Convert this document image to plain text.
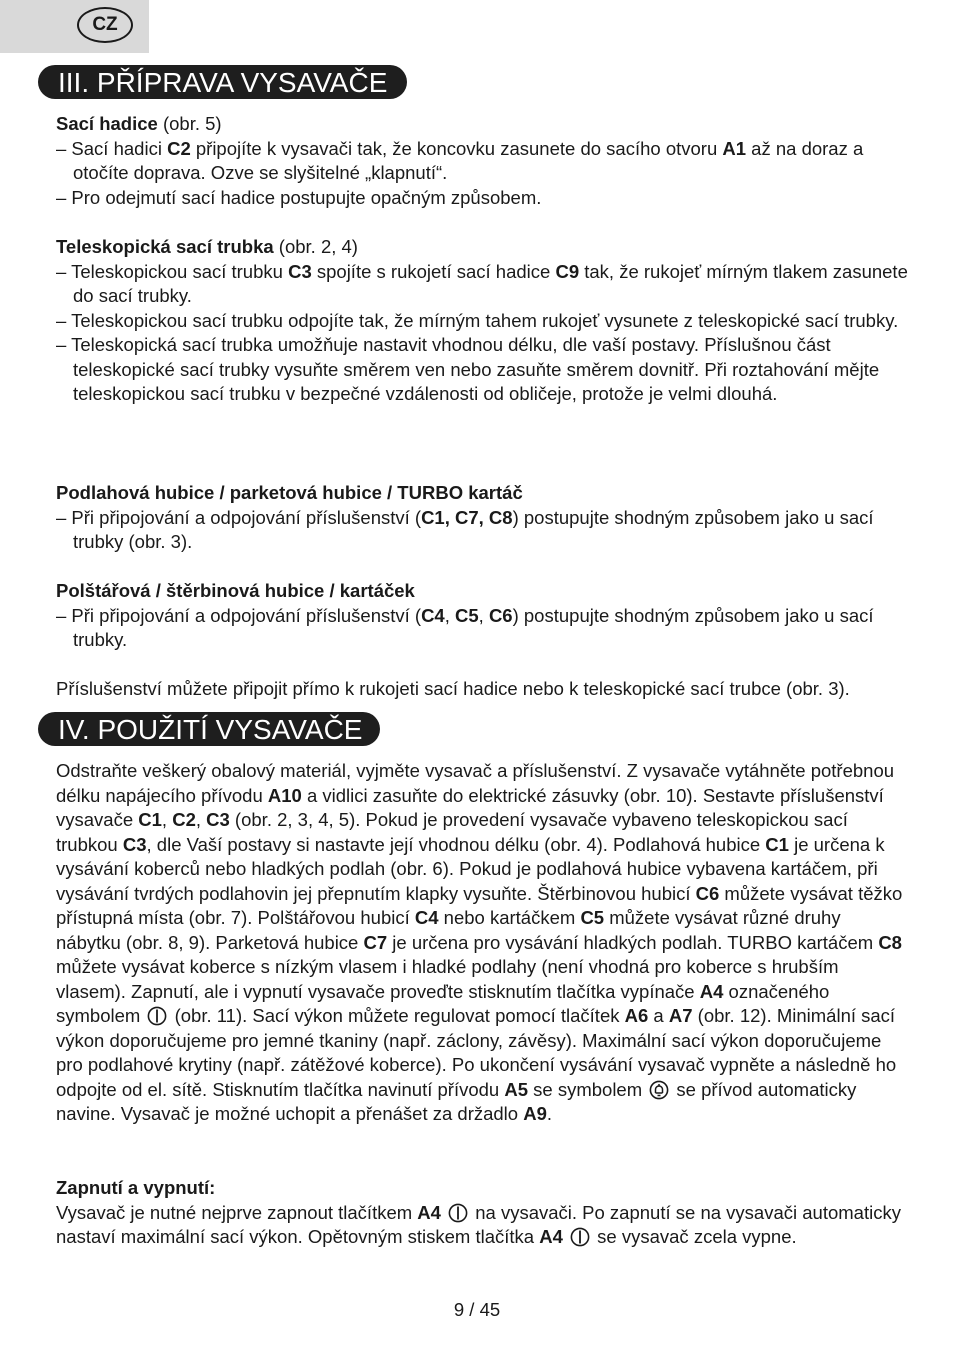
CZ
III. PŘÍPRAVA VYSAVAČE

Sací hadice (obr. 5)

– Sací hadici C2 připojíte k vysavači tak, že koncovku zasunete do sacího otvoru A1 až na doraz a otočíte doprava. Ozve se slyšitelné „klapnutí“.

– Pro odejmutí sací hadice postupujte opačným způsobem.

Teleskopická sací trubka (obr. 2, 4)

– Teleskopickou sací trubku C3 spojíte s rukojetí sací hadice C9 tak, že rukojeť mírným tlakem zasunete do sací trubky.

– Teleskopickou sací trubku odpojíte tak, že mírným tahem rukojeť vysunete z teleskopické sací trubky.

– Teleskopická sací trubka umožňuje nastavit vhodnou délku, dle vaší postavy. Příslušnou část teleskopické sací trubky vysuňte směrem ven nebo zasuňte směrem dovnitř. Při roztahování mějte teleskopickou sací trubku v bezpečné vzdálenosti od obličeje, protože je velmi dlouhá.

Podlahová hubice / parketová hubice / TURBO kartáč

– Při připojování a odpojování příslušenství (C1, C7, C8) postupujte shodným způsobem jako u sací trubky (obr. 3).

Polštářová / štěrbinová hubice / kartáček

– Při připojování a odpojování příslušenství (C4, C5, C6) postupujte shodným způsobem jako u sací trubky.

Příslušenství můžete připojit přímo k rukojeti sací hadice nebo k teleskopické sací trubce (obr. 3).

IV. POUŽITÍ VYSAVAČE

Odstraňte veškerý obalový materiál, vyjměte vysavač a příslušenství. Z vysavače vytáhněte potřebnou délku napájecího přívodu A10 a vidlici zasuňte do elektrické zásuvky (obr. 10). Sestavte příslušenství vysavače C1, C2, C3 (obr. 2, 3, 4, 5). Pokud je provedení vysavače vybaveno teleskopickou sací trubkou C3, dle Vaší postavy si nastavte její vhodnou délku (obr. 4). Podlahová hubice C1 je určena k vysávání koberců nebo hladkých podlah (obr. 6). Pokud je podlahová hubice vybavena kartáčem, při vysávání tvrdých podlahovin jej přepnutím klapky vysuňte. Štěrbinovou hubicí C6 můžete vysávat těžko přístupná místa (obr. 7). Polštářovou hubicí C4 nebo kartáčkem C5 můžete vysávat různé druhy nábytku (obr. 8, 9). Parketová hubice C7 je určena pro vysávání hladkých podlah. TURBO kartáčem C8 můžete vysávat koberce s nízkým vlasem i hladké podlahy (není vhodná pro koberce s hrubším vlasem). Zapnutí, ale i vypnutí vysavače proveďte stisknutím tlačítka vypínače A4 označeného symbolem
(obr. 11). Sací výkon můžete regulovat pomocí tlačítek A6 a A7 (obr. 12). Minimální sací výkon doporučujeme pro jemné tkaniny (např. záclony, závěsy). Maximální sací výkon doporučujeme pro podlahové krytiny (např. zátěžové koberce). Po ukončení vysávání vysavač vypněte a následně ho odpojte od el. sítě. Stisknutím tlačítka navinutí přívodu A5 se symbolem
se přívod automaticky navine. Vysavač je možné uchopit a přenášet za držadlo A9.

Zapnutí a vypnutí:

Vysavač je nutné nejprve zapnout tlačítkem A4
na vysavači. Po zapnutí se na vysavači automaticky nastaví maximální sací výkon. Opětovným stiskem tlačítka A4
se vysavač zcela vypne.

9 / 45
